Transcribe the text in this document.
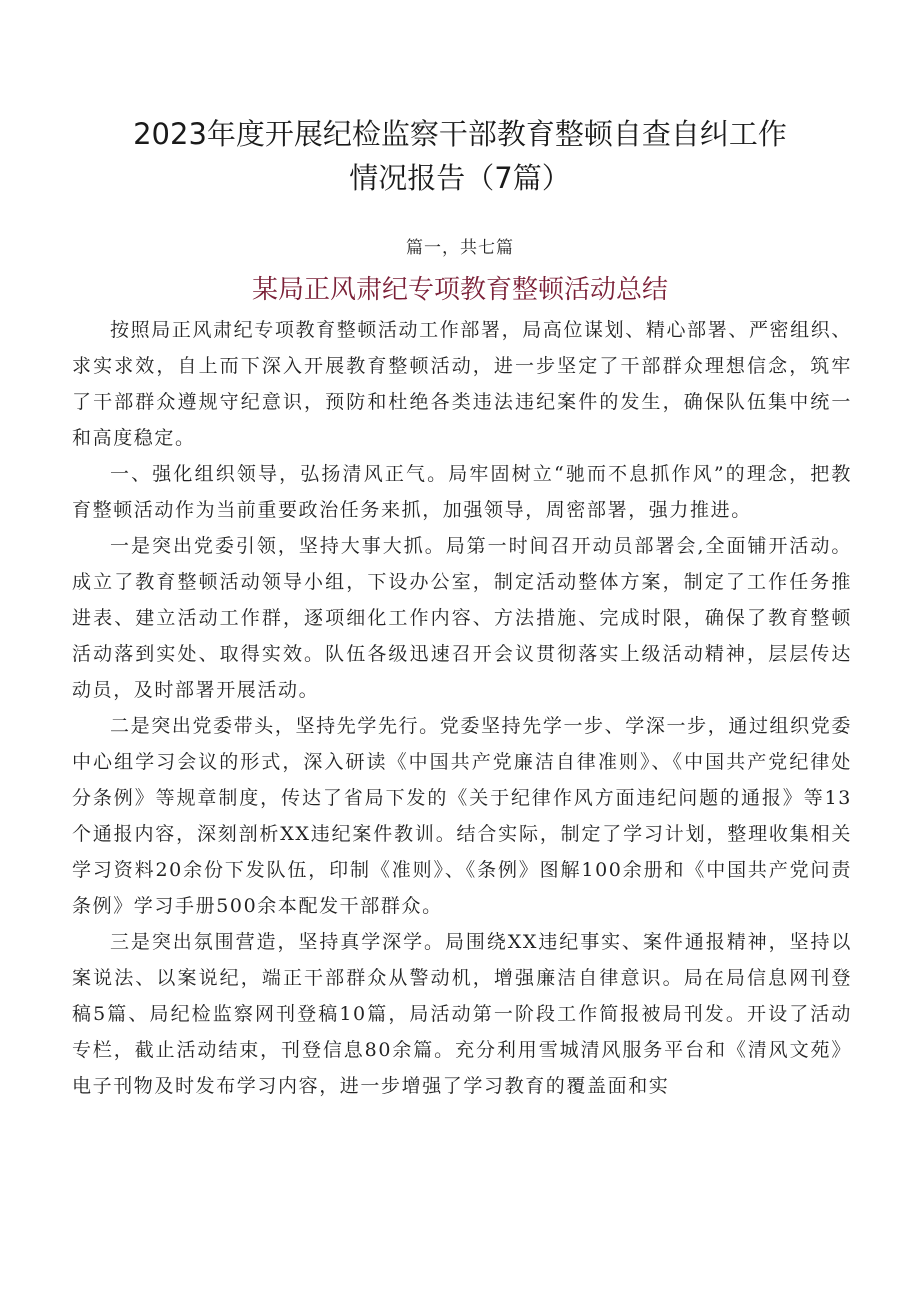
2023年度开展纪检监察干部教育整顿自查自纠工作情况报告（7篇）
篇一，共七篇
某局正风肃纪专项教育整顿活动总结

按照局正风肃纪专项教育整顿活动工作部署，局高位谋划、精心部署、严密组织、求实求效，自上而下深入开展教育整顿活动，进一步坚定了干部群众理想信念，筑牢了干部群众遵规守纪意识，预防和杜绝各类违法违纪案件的发生，确保队伍集中统一和高度稳定。

一、强化组织领导，弘扬清风正气。局牢固树立“驰而不息抓作风”的理念，把教育整顿活动作为当前重要政治任务来抓，加强领导，周密部署，强力推进。

一是突出党委引领，坚持大事大抓。局第一时间召开动员部署会,全面铺开活动。成立了教育整顿活动领导小组，下设办公室，制定活动整体方案，制定了工作任务推进表、建立活动工作群，逐项细化工作内容、方法措施、完成时限，确保了教育整顿活动落到实处、取得实效。队伍各级迅速召开会议贯彻落实上级活动精神，层层传达动员，及时部署开展活动。

二是突出党委带头，坚持先学先行。党委坚持先学一步、学深一步，通过组织党委中心组学习会议的形式，深入研读《中国共产党廉洁自律准则》、《中国共产党纪律处分条例》等规章制度，传达了省局下发的《关于纪律作风方面违纪问题的通报》等13个通报内容，深刻剖析XX违纪案件教训。结合实际，制定了学习计划，整理收集相关学习资料20余份下发队伍，印制《准则》、《条例》图解100余册和《中国共产党问责条例》学习手册500余本配发干部群众。

三是突出氛围营造，坚持真学深学。局围绕XX违纪事实、案件通报精神，坚持以案说法、以案说纪，端正干部群众从警动机，增强廉洁自律意识。局在局信息网刊登稿5篇、局纪检监察网刊登稿10篇，局活动第一阶段工作简报被局刊发。开设了活动专栏，截止活动结束，刊登信息80余篇。充分利用雪城清风服务平台和《清风文苑》电子刊物及时发布学习内容，进一步增强了学习教育的覆盖面和实
